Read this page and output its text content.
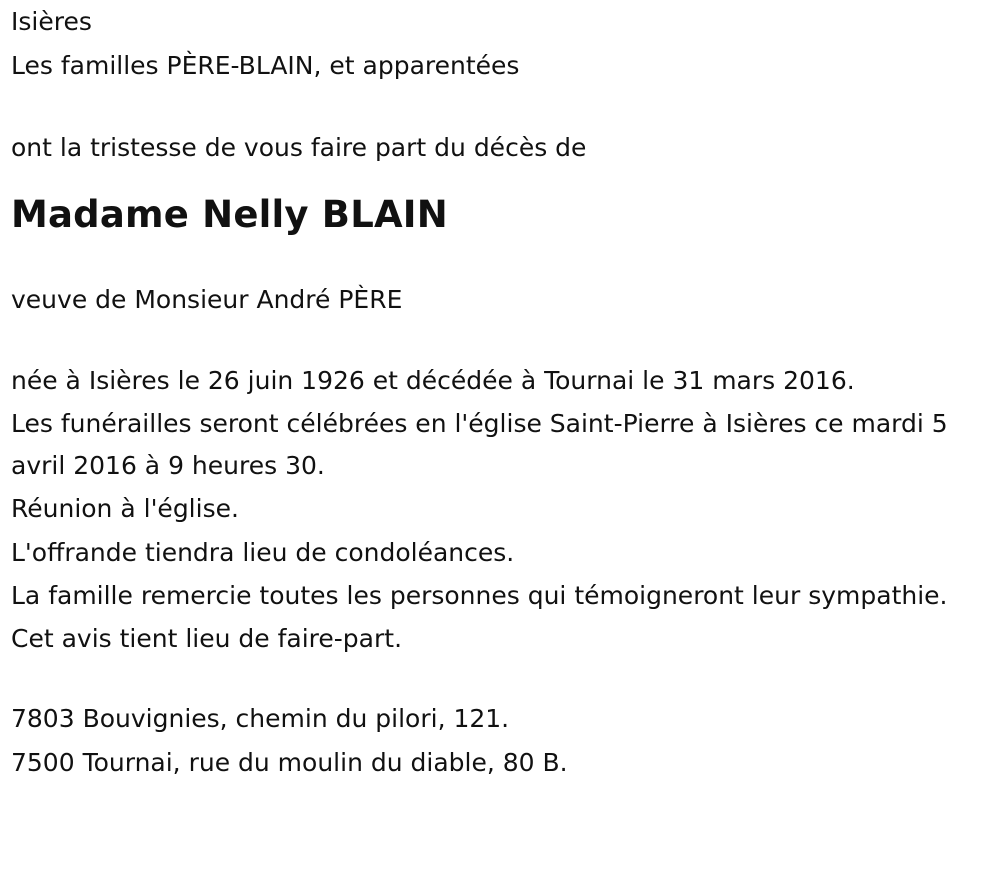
Isières

Les familles PÈRE-BLAIN, et apparentées

ont la tristesse de vous faire part du décès de

Madame Nelly BLAIN

veuve de Monsieur André PÈRE

née à Isières le 26 juin 1926 et décédée à Tournai le 31 mars 2016.

Les funérailles seront célébrées en l'église Saint-Pierre à Isières ce mardi 5 avril 2016 à 9 heures 30.

Réunion à l'église.

L'offrande tiendra lieu de condoléances.

La famille remercie toutes les personnes qui témoigneront leur sympathie.

Cet avis tient lieu de faire-part.

7803 Bouvignies, chemin du pilori, 121.

7500 Tournai, rue du moulin du diable, 80 B.
